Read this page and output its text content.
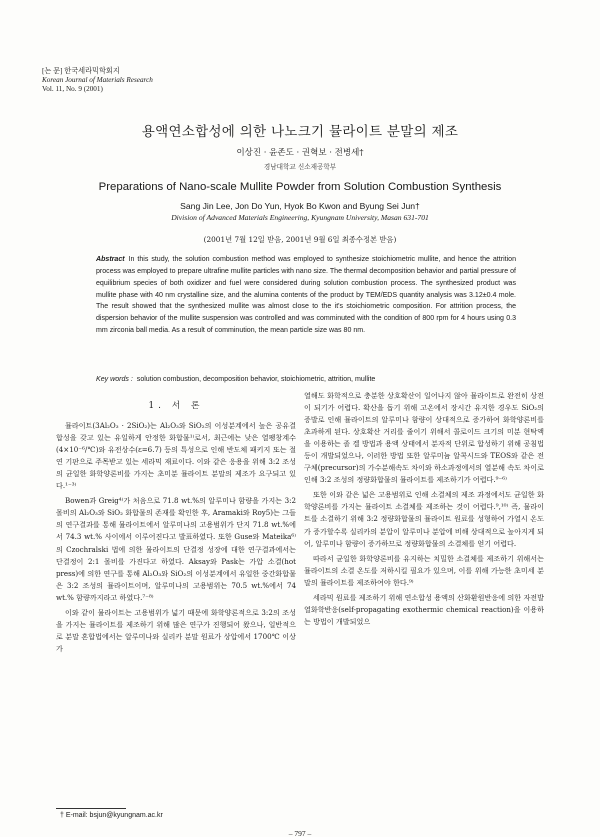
[논 문] 한국세라믹학회지
Korean Journal of Materials Research
Vol. 11, No. 9 (2001)
용액연소합성에 의한 나노크기 뮬라이트 분말의 제조
이상진 · 윤존도 · 권혁보 · 전병세†
경남대학교 신소재공학부
Preparations of Nano-scale Mullite Powder from Solution Combustion Synthesis
Sang Jin Lee, Jon Do Yun, Hyok Bo Kwon and Byung Sei Jun†
Division of Advanced Materials Engineering, Kyungnam University, Masan 631-701
(2001년 7월 12일 받음, 2001년 9월 6일 최종수정본 받음)
Abstract In this study, the solution combustion method was employed to synthesize stoichiometric mullite, and hence the attrition process was employed to prepare ultrafine mullite particles with nano size. The thermal decomposition behavior and partial pressure of equilibrium species of both oxidizer and fuel were considered during solution combustion process. The synthesized product was mullite phase with 40 nm crystalline size, and the alumina contents of the product by TEM/EDS quantity analysis was 3.12±0.4 mole. The result showed that the synthesized mullite was almost close to the it's stoichiometric composition. For attrition process, the dispersion behavior of the mullite suspension was controlled and was comminuted with the condition of 800 rpm for 4 hours using 0.3 mm zirconia ball media. As a result of comminution, the mean particle size was 80 nm.
Key words : solution combustion, decomposition behavior, stoichiometric, attrition, mullite
1. 서 론

뮬라이트(3Al₂O₃ · 2SiO₂)는 Al₂O₃와 SiO₂의 이성분계에서 높은 공유결합성을 갖고 있는 유일하게 안정한 화합물¹⁾로서, 최근에는 낮은 열팽창계수(4×10⁻⁶/℃)와 유전상수(ε=6.7) 등의 특성으로 인해 반도체 패키지 또는 절연 기판으로 주목받고 있는 세라믹 재료이다. 이와 같은 응용을 위해 3:2 조성의 균일한 화학양론비를 가지는 초미분 뮬라이트 분말의 제조가 요구되고 있다.¹⁻³⁾

Bowen과 Greig⁴⁾가 처음으로 71.8 wt.%의 알루미나 함량을 가지는 3:2 몰비의 Al₂O₃와 SiO₂ 화합물의 존재를 확인한 후, Aramaki와 Roy5)는 그들의 연구결과를 통해 뮬라이트에서 알루미나의 고용범위가 단지 71.8 wt.%에서 74.3 wt.% 사이에서 이루어진다고 발표하였다. 또한 Guse와 Mateika⁶⁾의 Czochralski 법에 의한 뮬라이트의 단결정 성장에 대한 연구결과에서는 단결정이 2:1 몰비를 가진다고 하였다. Aksay와 Pask는 가압 소결(hot press)에 의한 연구를 통해 Al₂O₃와 SiO₂의 이성분계에서 유일한 중간화합물은 3:2 조성의 뮬라이트이며, 알루미나의 고용범위는 70.5 wt.%에서 74 wt.% 함량까지라고 하였다.⁷⁻⁸⁾

이와 같이 뮬라이트는 고용범위가 넓기 때문에 화학양론적으로 3:2의 조성을 가지는 뮬라이트를 제조하기 위해 많은 연구가 진행되어 왔으나, 일반적으로 분말 혼합법에서는 알루미나와 실리카 분말 원료가 상압에서 1700℃ 이상 가

열해도 화학적으로 충분한 상호확산이 일어나지 않아 뮬라이트로 완전히 상전이 되기가 어렵다. 확산을 돕기 위해 고온에서 장시간 유지한 경우도 SiO₂의 증발로 인해 뮬라이트의 알루미나 함량이 상대적으로 증가하여 화학양론비를 초과하게 된다. 상호확산 거리를 줄이기 위해서 콜로이드 크기의 미분 현탁액을 이용하는 졸 겔 방법과 용액 상태에서 분자적 단위로 합성하기 위해 공침법 등이 개발되었으나, 이러한 방법 또한 알루미늄 알콕시드와 TEOS와 같은 전구체(precursor)의 가수분해속도 차이와 하소과정에서의 열분해 속도 차이로 인해 3:2 조성의 정량화합물의 뮬라이트를 제조하기가 어렵다.⁹⁻⁶⁾

또한 이와 같은 넓은 고용범위로 인해 소결체의 제조 과정에서도 균일한 화학양론비를 가지는 뮬라이트 소결체를 제조하는 것이 어렵다.⁹,¹⁰⁾ 즉, 뮬라이트를 소결하기 위해 3:2 정량화합물의 뮬라이트 원료를 성형하여 가열시 온도가 증가할수록 실리카의 분압이 알루미나 분압에 비해 상대적으로 높아지게 되어, 알루미나 함량이 증가하므로 정량화합물의 소결체를 얻기 어렵다.

따라서 균일한 화학양론비를 유지하는 치밀한 소결체를 제조하기 위해서는 뮬라이트의 소결 온도를 저하시킬 필요가 있으며, 이를 위해 가능한 초미세 분말의 뮬라이트를 제조하여야 한다.⁹⁾

세라믹 원료를 제조하기 위해 연소합성 용액의 산화환원반응에 의한 자전발열화학반응(self-propagating exothermic chemical reaction)을 이용하는 방법이 개발되었으

† E-mail: bsjun@kyungnam.ac.kr
– 797 –
